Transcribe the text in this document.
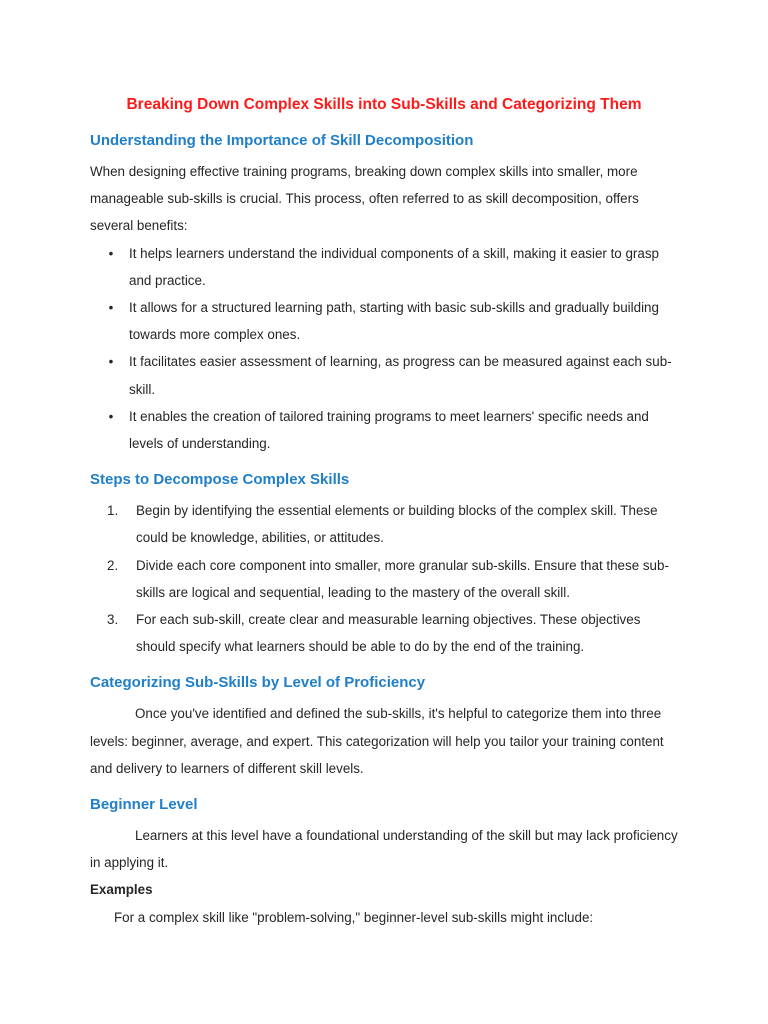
Breaking Down Complex Skills into Sub-Skills and Categorizing Them
Understanding the Importance of Skill Decomposition

When designing effective training programs, breaking down complex skills into smaller, more manageable sub-skills is crucial. This process, often referred to as skill decomposition, offers several benefits:

• It helps learners understand the individual components of a skill, making it easier to grasp and practice.
• It allows for a structured learning path, starting with basic sub-skills and gradually building towards more complex ones.
• It facilitates easier assessment of learning, as progress can be measured against each sub-skill.
• It enables the creation of tailored training programs to meet learners' specific needs and levels of understanding.
Steps to Decompose Complex Skills
1. Begin by identifying the essential elements or building blocks of the complex skill. These could be knowledge, abilities, or attitudes.
2. Divide each core component into smaller, more granular sub-skills. Ensure that these sub-skills are logical and sequential, leading to the mastery of the overall skill.
3. For each sub-skill, create clear and measurable learning objectives. These objectives should specify what learners should be able to do by the end of the training.
Categorizing Sub-Skills by Level of Proficiency

Once you've identified and defined the sub-skills, it's helpful to categorize them into three levels: beginner, average, and expert. This categorization will help you tailor your training content and delivery to learners of different skill levels.

Beginner Level

Learners at this level have a foundational understanding of the skill but may lack proficiency in applying it.

Examples

For a complex skill like "problem-solving," beginner-level sub-skills might include:
